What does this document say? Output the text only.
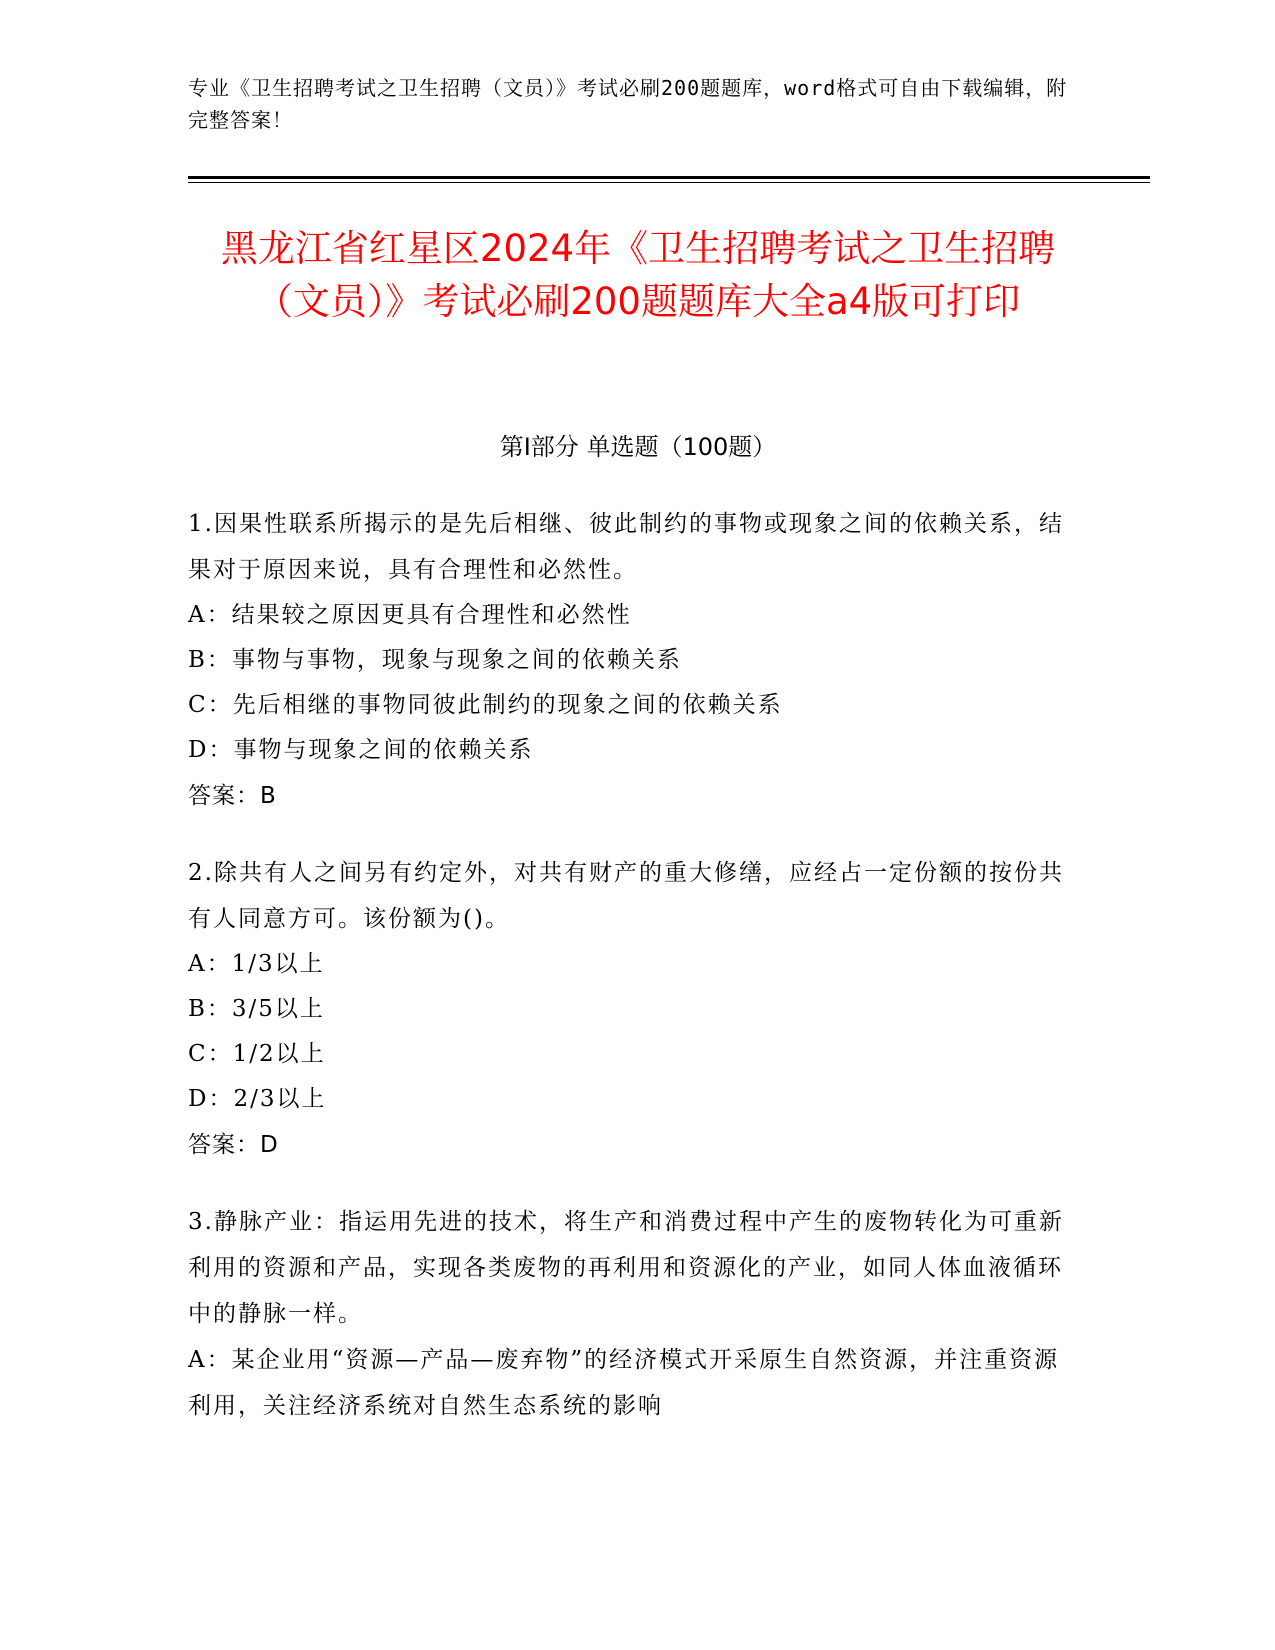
专业《卫生招聘考试之卫生招聘（文员）》考试必刷200题题库，word格式可自由下载编辑，附完整答案！
黑龙江省红星区2024年《卫生招聘考试之卫生招聘（文员）》考试必刷200题题库大全a4版可打印
第Ⅰ部分 单选题（100题）

1.因果性联系所揭示的是先后相继、彼此制约的事物或现象之间的依赖关系，结果对于原因来说，具有合理性和必然性。

A：结果较之原因更具有合理性和必然性

B：事物与事物，现象与现象之间的依赖关系

C：先后相继的事物同彼此制约的现象之间的依赖关系

D：事物与现象之间的依赖关系

答案：B

2.除共有人之间另有约定外，对共有财产的重大修缮，应经占一定份额的按份共有人同意方可。该份额为()。

A：1/3以上

B：3/5以上

C：1/2以上

D：2/3以上

答案：D

3.静脉产业：指运用先进的技术，将生产和消费过程中产生的废物转化为可重新利用的资源和产品，实现各类废物的再利用和资源化的产业，如同人体血液循环中的静脉一样。

A：某企业用“资源—产品—废弃物”的经济模式开采原生自然资源，并注重资源利用，关注经济系统对自然生态系统的影响
